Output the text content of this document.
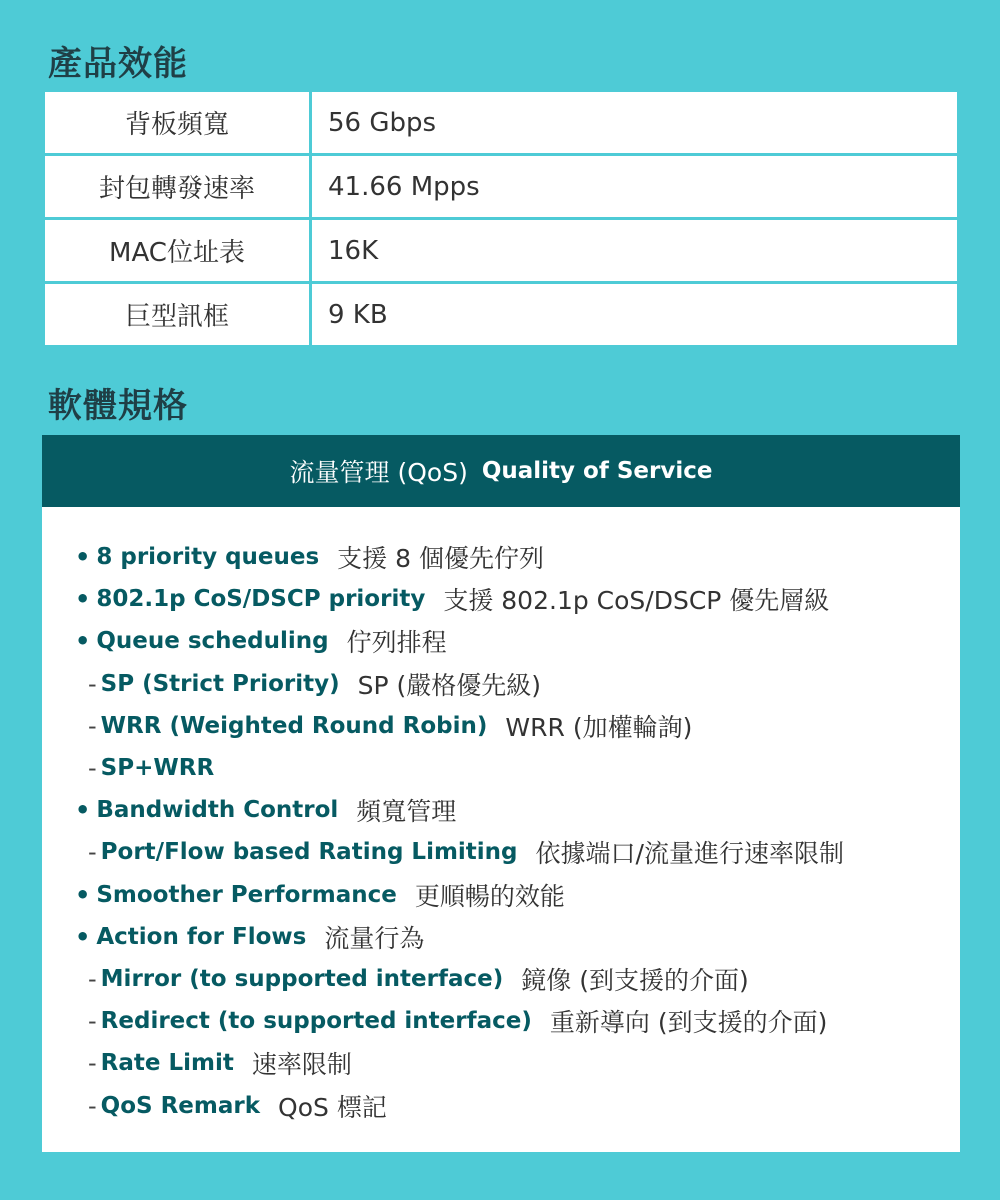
產品效能
背板頻寬	56 Gbps
封包轉發速率	41.66 Mpps
MAC位址表	16K
巨型訊框	9 KB
軟體規格
流量管理 (QoS) Quality of Service
• 8 priority queues 支援 8 個優先佇列
• 802.1p CoS/DSCP priority 支援 802.1p CoS/DSCP 優先層級
• Queue scheduling 佇列排程
- SP (Strict Priority) SP (嚴格優先級)
- WRR (Weighted Round Robin) WRR (加權輪詢)
- SP+WRR
• Bandwidth Control 頻寬管理
- Port/Flow based Rating Limiting 依據端口/流量進行速率限制
• Smoother Performance 更順暢的效能
• Action for Flows 流量行為
- Mirror (to supported interface) 鏡像 (到支援的介面)
- Redirect (to supported interface) 重新導向 (到支援的介面)
- Rate Limit 速率限制
- QoS Remark QoS 標記
